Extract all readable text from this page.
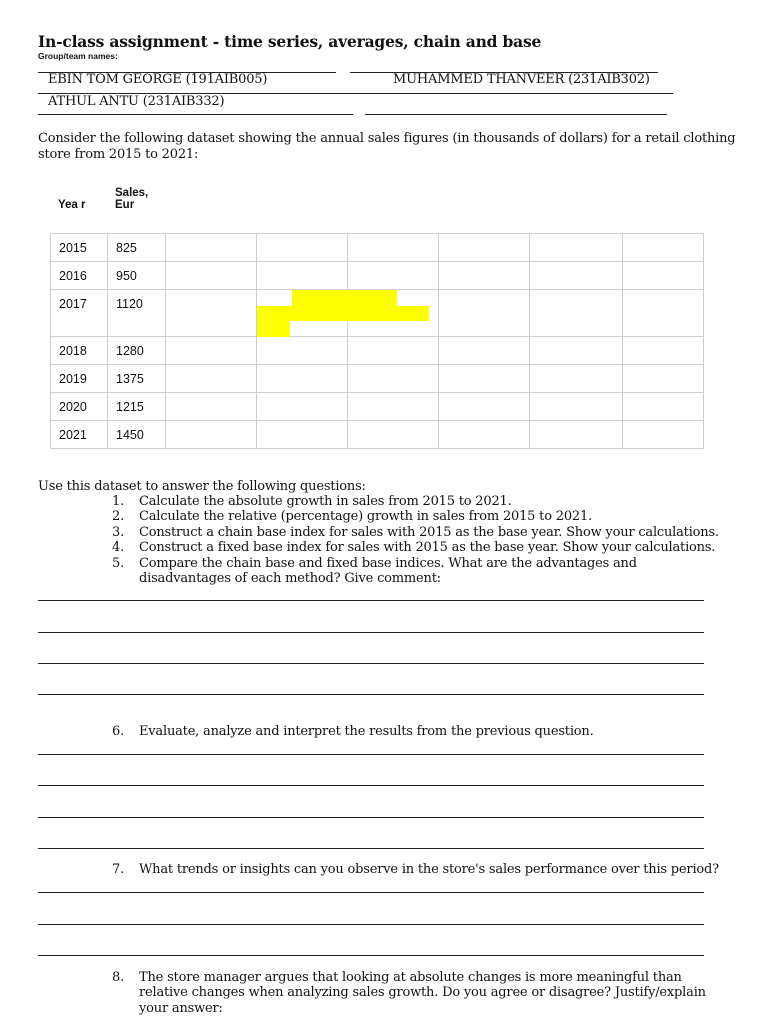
In-class assignment - time series, averages, chain and base
Group/team names:
EBIN TOM GEORGE (191AIB005)	MUHAMMED THANVEER (231AIB302)
ATHUL ANTU (231AIB332)
Consider the following dataset showing the annual sales figures (in thousands of dollars) for a retail clothing store from 2015 to 2021:
Yea r
Sales, Eur
2015	825						
2016	950						
2017	1120						
2018	1280						
2019	1375						
2020	1215						
2021	1450						
Use this dataset to answer the following questions:
1.	Calculate the absolute growth in sales from 2015 to 2021.
2.	Calculate the relative (percentage) growth in sales from 2015 to 2021.
3.	Construct a chain base index for sales with 2015 as the base year. Show your calculations.
4.	Construct a fixed base index for sales with 2015 as the base year. Show your calculations.
5.	Compare the chain base and fixed base indices. What are the advantages and disadvantages of each method? Give comment:
6.	Evaluate, analyze and interpret the results from the previous question.
7.	What trends or insights can you observe in the store's sales performance over this period?
8.	The store manager argues that looking at absolute changes is more meaningful than relative changes when analyzing sales growth. Do you agree or disagree? Justify/explain your answer:
